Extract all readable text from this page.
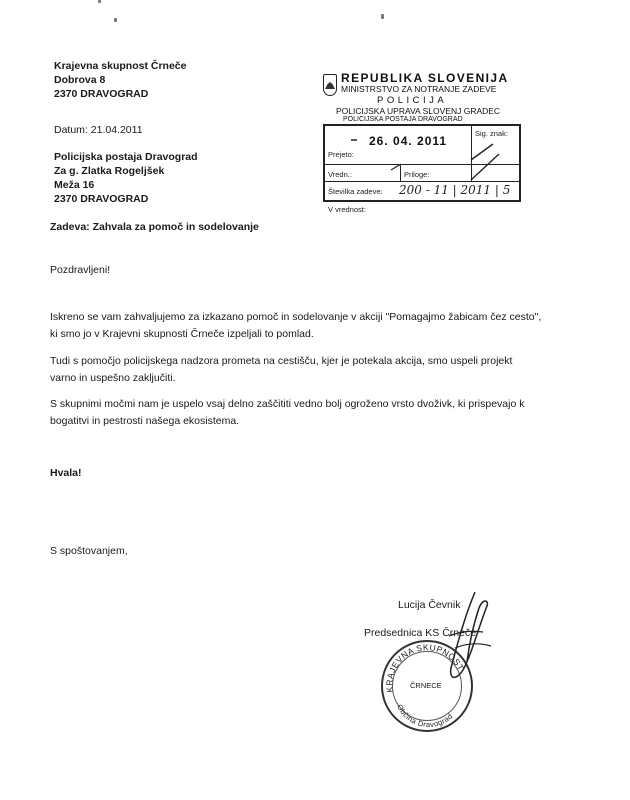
Krajevna skupnost Črneče
Dobrova 8
2370 DRAVOGRAD
Datum: 21.04.2011
Policijska postaja Dravograd
Za g. Zlatka Rogeljšek
Meža 16
2370 DRAVOGRAD
Zadeva: Zahvala za pomoč in sodelovanje
Pozdravljeni!
Iskreno se vam zahvaljujemo za izkazano pomoč in sodelovanje v akciji "Pomagajmo žabicam čez cesto",
ki smo jo v Krajevni skupnosti Črneče izpeljali to pomlad.
Tudi s pomočjo policijskega nadzora prometa na cestišču, kjer je potekala akcija, smo uspeli projekt
varno in uspešno zaključiti.
S skupnimi močmi nam je uspelo vsaj delno zaščititi vedno bolj ogroženo vrsto dvoživk, ki prispevajo k
bogatitvi in pestrosti našega ekosistema.
Hvala!
S spoštovanjem,
Lucija Čevnik
Predsednica KS Črneče
REPUBLIKA SLOVENIJA
MINISTRSTVO ZA NOTRANJE ZADEVE
POLICIJA
POLICIJSKA UPRAVA SLOVENJ GRADEC
POLICIJSKA POSTAJA DRAVOGRAD
Prejeto:
26. 04. 2011
Sig. znak:
Vredn.:	Priloge:
Številka zadeve: 200 - 11 | 2011 | 5
V vrednost:
KRAJEVNA SKUPNOST
Občina Dravograd
ČRNECE
